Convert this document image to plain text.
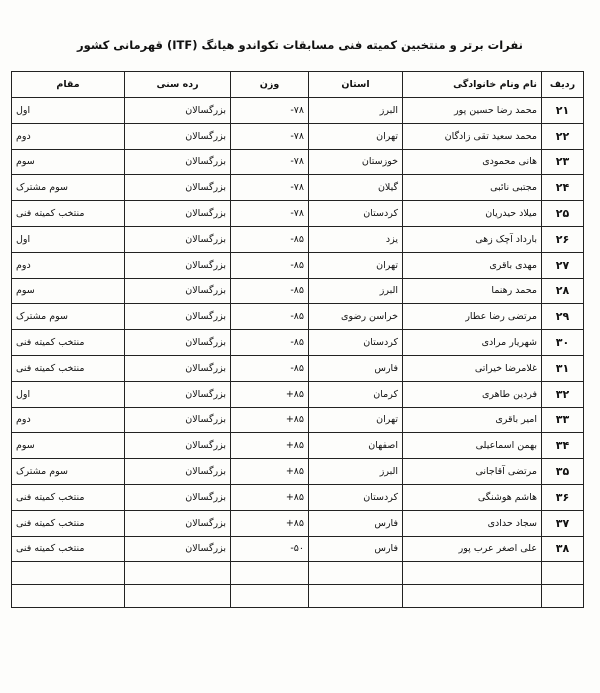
نفرات برتر و منتخبین کمیته فنی مسابقات تکواندو هیانگ (ITF) قهرمانی کشور
ردیف	نام ونام خانوادگی	استان	وزن	رده سنی	مقام
۲۱	محمد رضا حسین پور	البرز	-۷۸	بزرگسالان	اول
۲۲	محمد سعید تقی زادگان	تهران	-۷۸	بزرگسالان	دوم
۲۳	هانی محمودی	خوزستان	-۷۸	بزرگسالان	سوم
۲۴	مجتبی نائبی	گیلان	-۷۸	بزرگسالان	سوم مشترک
۲۵	میلاد حیدریان	کردستان	-۷۸	بزرگسالان	منتخب کمیته فنی
۲۶	بارداد آچک زهی	یزد	-۸۵	بزرگسالان	اول
۲۷	مهدی باقری	تهران	-۸۵	بزرگسالان	دوم
۲۸	محمد رهنما	البرز	-۸۵	بزرگسالان	سوم
۲۹	مرتضی رضا عطار	خراسن رضوی	-۸۵	بزرگسالان	سوم مشترک
۳۰	شهریار مرادی	کردستان	-۸۵	بزرگسالان	منتخب کمیته فنی
۳۱	غلامرضا خیراتی	فارس	-۸۵	بزرگسالان	منتخب کمیته فنی
۳۲	فردین طاهری	کرمان	+۸۵	بزرگسالان	اول
۳۳	امیر باقری	تهران	+۸۵	بزرگسالان	دوم
۳۴	بهمن اسماعیلی	اصفهان	+۸۵	بزرگسالان	سوم
۳۵	مرتضی آقاجانی	البرز	+۸۵	بزرگسالان	سوم مشترک
۳۶	هاشم هوشنگی	کردستان	+۸۵	بزرگسالان	منتخب کمیته فنی
۳۷	سجاد حدادی	فارس	+۸۵	بزرگسالان	منتخب کمیته فنی
۳۸	علی اصغر عرب پور	فارس	-۵۰	بزرگسالان	منتخب کمیته فنی
